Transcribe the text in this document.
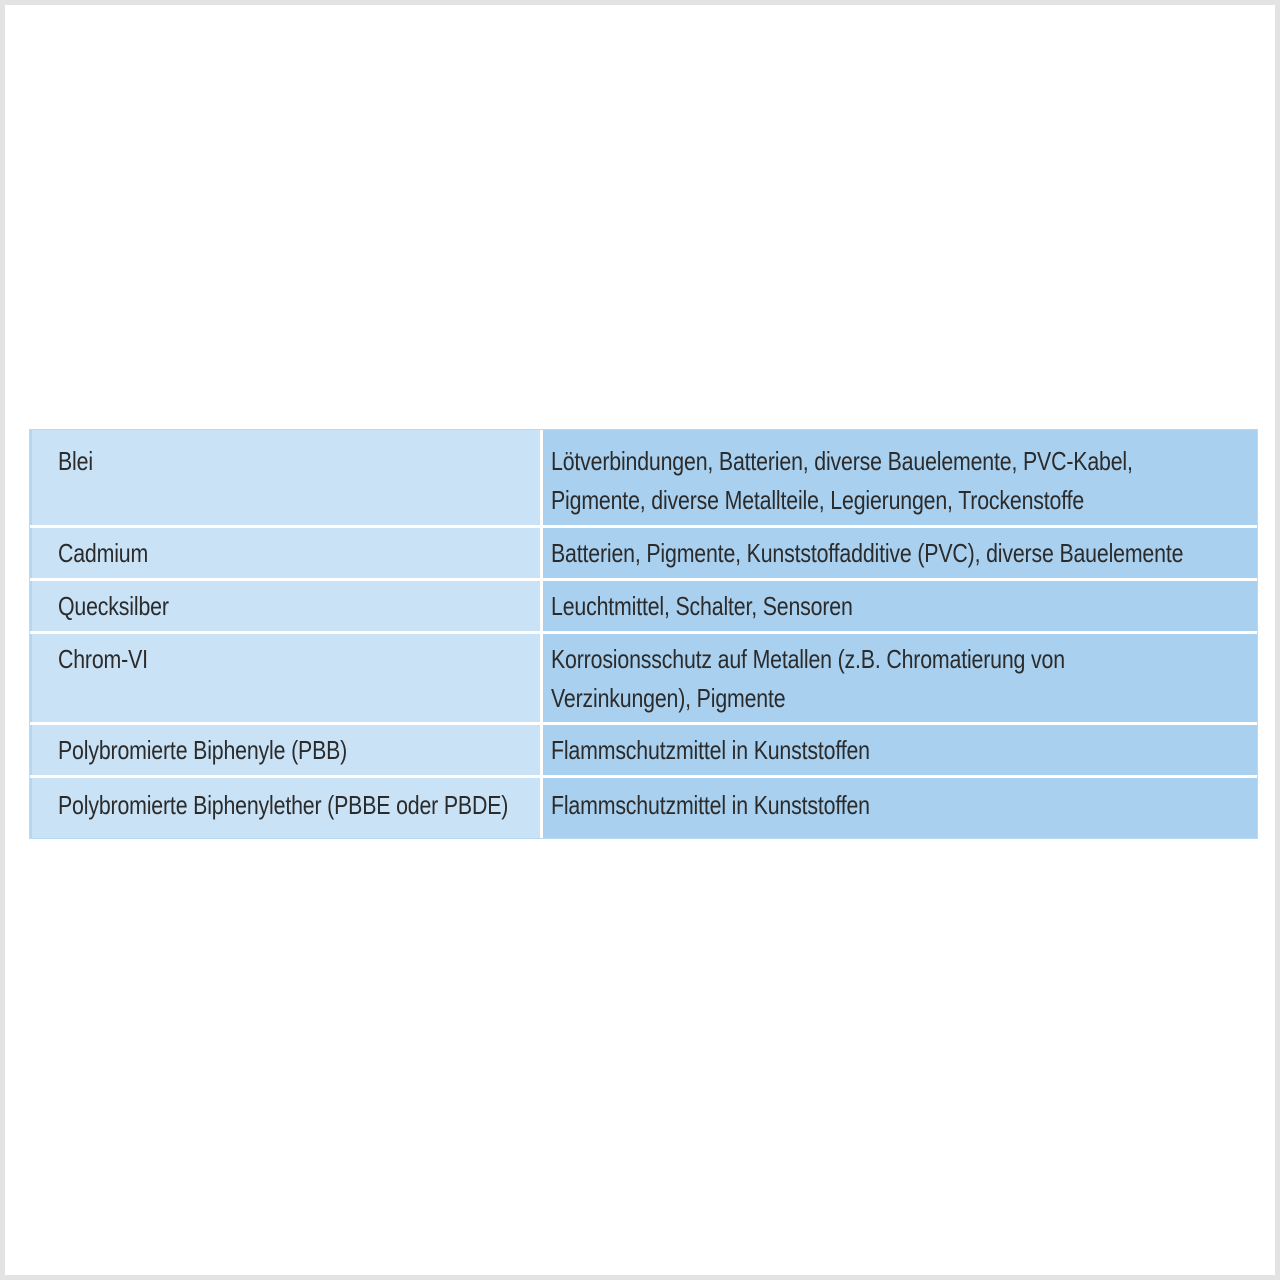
Blei	Lötverbindungen, Batterien, diverse Bauelemente, PVC-Kabel,
Pigmente, diverse Metallteile, Legierungen, Trockenstoffe
Cadmium	Batterien, Pigmente, Kunststoffadditive (PVC), diverse Bauelemente
Quecksilber	Leuchtmittel, Schalter, Sensoren
Chrom-VI	Korrosionsschutz auf Metallen (z.B. Chromatierung von
Verzinkungen), Pigmente
Polybromierte Biphenyle (PBB)	Flammschutzmittel in Kunststoffen
Polybromierte Biphenylether (PBBE oder PBDE)	Flammschutzmittel in Kunststoffen
